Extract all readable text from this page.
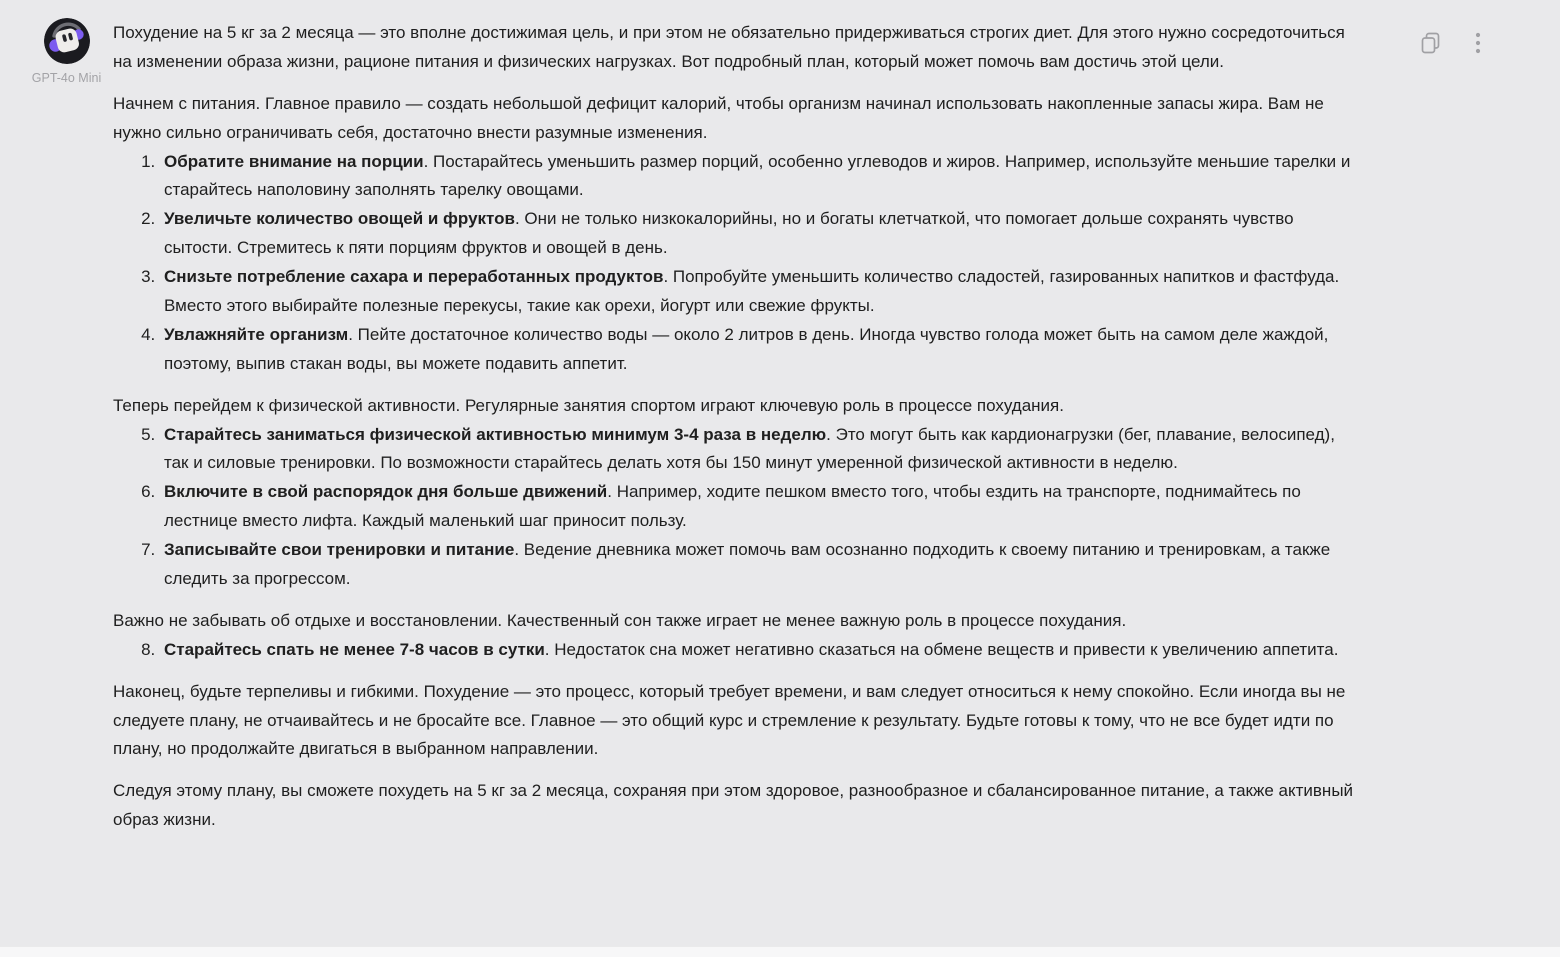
GPT-4o Mini

Похудение на 5 кг за 2 месяца — это вполне достижимая цель, и при этом не обязательно придерживаться строгих диет. Для этого нужно сосредоточиться на изменении образа жизни, рационе питания и физических нагрузках. Вот подробный план, который может помочь вам достичь этой цели.

Начнем с питания. Главное правило — создать небольшой дефицит калорий, чтобы организм начинал использовать накопленные запасы жира. Вам не нужно сильно ограничивать себя, достаточно внести разумные изменения.

1. Обратите внимание на порции. Постарайтесь уменьшить размер порций, особенно углеводов и жиров. Например, используйте меньшие тарелки и старайтесь наполовину заполнять тарелку овощами.
2. Увеличьте количество овощей и фруктов. Они не только низкокалорийны, но и богаты клетчаткой, что помогает дольше сохранять чувство сытости. Стремитесь к пяти порциям фруктов и овощей в день.
3. Снизьте потребление сахара и переработанных продуктов. Попробуйте уменьшить количество сладостей, газированных напитков и фастфуда. Вместо этого выбирайте полезные перекусы, такие как орехи, йогурт или свежие фрукты.
4. Увлажняйте организм. Пейте достаточное количество воды — около 2 литров в день. Иногда чувство голода может быть на самом деле жаждой, поэтому, выпив стакан воды, вы можете подавить аппетит.

Теперь перейдем к физической активности. Регулярные занятия спортом играют ключевую роль в процессе похудания.

5. Старайтесь заниматься физической активностью минимум 3-4 раза в неделю. Это могут быть как кардионагрузки (бег, плавание, велосипед), так и силовые тренировки. По возможности старайтесь делать хотя бы 150 минут умеренной физической активности в неделю.
6. Включите в свой распорядок дня больше движений. Например, ходите пешком вместо того, чтобы ездить на транспорте, поднимайтесь по лестнице вместо лифта. Каждый маленький шаг приносит пользу.
7. Записывайте свои тренировки и питание. Ведение дневника может помочь вам осознанно подходить к своему питанию и тренировкам, а также следить за прогрессом.

Важно не забывать об отдыхе и восстановлении. Качественный сон также играет не менее важную роль в процессе похудания.

8. Старайтесь спать не менее 7-8 часов в сутки. Недостаток сна может негативно сказаться на обмене веществ и привести к увеличению аппетита.

Наконец, будьте терпеливы и гибкими. Похудение — это процесс, который требует времени, и вам следует относиться к нему спокойно. Если иногда вы не следуете плану, не отчаивайтесь и не бросайте все. Главное — это общий курс и стремление к результату. Будьте готовы к тому, что не все будет идти по плану, но продолжайте двигаться в выбранном направлении.

Следуя этому плану, вы сможете похудеть на 5 кг за 2 месяца, сохраняя при этом здоровое, разнообразное и сбалансированное питание, а также активный образ жизни.
